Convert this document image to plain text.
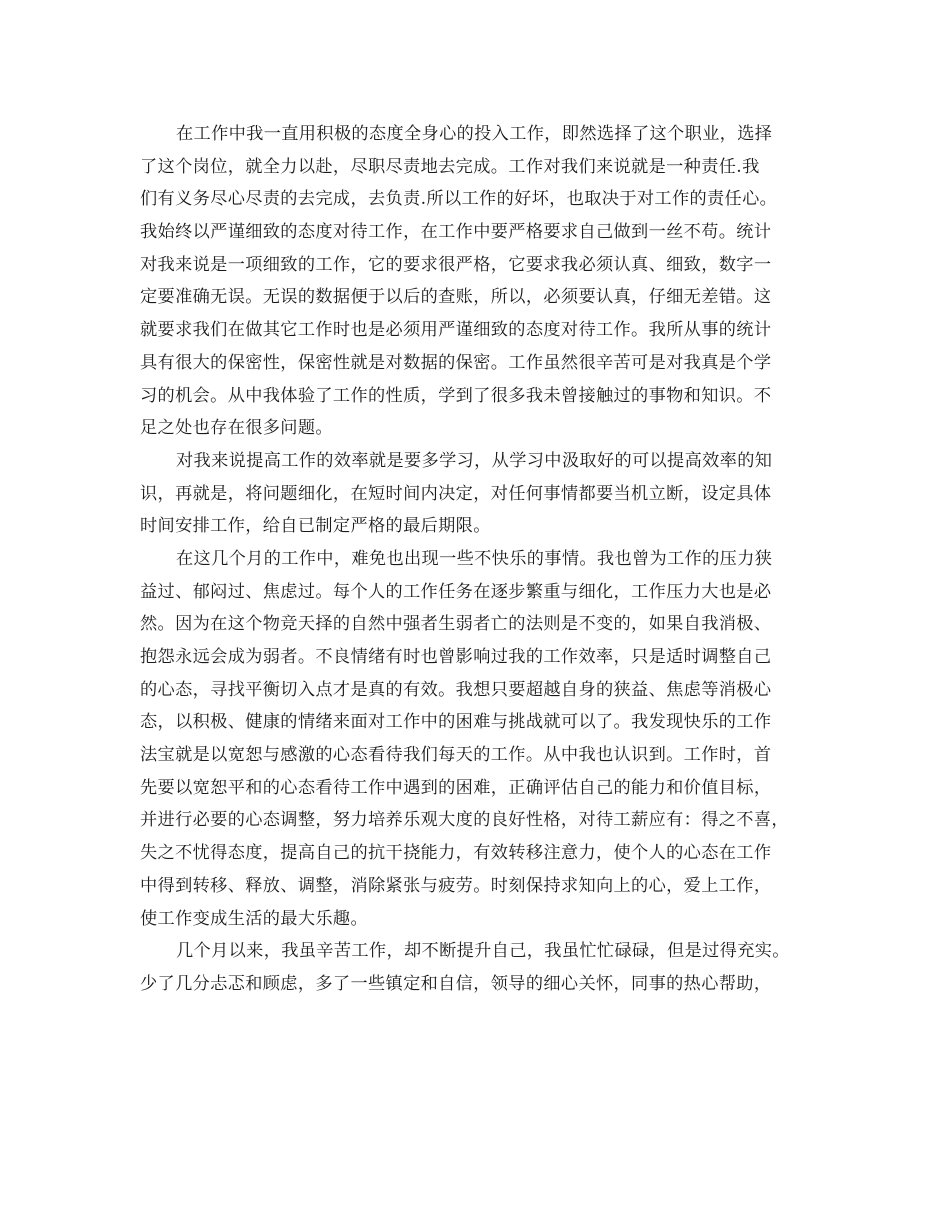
在工作中我一直用积极的态度全身心的投入工作，即然选择了这个职业，选择
了这个岗位，就全力以赴，尽职尽责地去完成。工作对我们来说就是一种责任.我
们有义务尽心尽责的去完成，去负责.所以工作的好坏，也取决于对工作的责任心。
我始终以严谨细致的态度对待工作，在工作中要严格要求自己做到一丝不苟。统计
对我来说是一项细致的工作，它的要求很严格，它要求我必须认真、细致，数字一
定要准确无误。无误的数据便于以后的查账，所以，必须要认真，仔细无差错。这
就要求我们在做其它工作时也是必须用严谨细致的态度对待工作。我所从事的统计
具有很大的保密性，保密性就是对数据的保密。工作虽然很辛苦可是对我真是个学
习的机会。从中我体验了工作的性质，学到了很多我未曾接触过的事物和知识。不
足之处也存在很多问题。
对我来说提高工作的效率就是要多学习，从学习中汲取好的可以提高效率的知
识，再就是，将问题细化，在短时间内决定，对任何事情都要当机立断，设定具体
时间安排工作，给自已制定严格的最后期限。
在这几个月的工作中，难免也出现一些不快乐的事情。我也曾为工作的压力狭
益过、郁闷过、焦虑过。每个人的工作任务在逐步繁重与细化，工作压力大也是必
然。因为在这个物竞天择的自然中强者生弱者亡的法则是不变的，如果自我消极、
抱怨永远会成为弱者。不良情绪有时也曾影响过我的工作效率，只是适时调整自己
的心态，寻找平衡切入点才是真的有效。我想只要超越自身的狭益、焦虑等消极心
态，以积极、健康的情绪来面对工作中的困难与挑战就可以了。我发现快乐的工作
法宝就是以宽恕与感激的心态看待我们每天的工作。从中我也认识到。工作时，首
先要以宽恕平和的心态看待工作中遇到的困难，正确评估自己的能力和价值目标，
并进行必要的心态调整，努力培养乐观大度的良好性格，对待工薪应有：得之不喜，
失之不忧得态度，提高自己的抗干挠能力，有效转移注意力，使个人的心态在工作
中得到转移、释放、调整，消除紧张与疲劳。时刻保持求知向上的心，爱上工作，
使工作变成生活的最大乐趣。
几个月以来，我虽辛苦工作，却不断提升自己，我虽忙忙碌碌，但是过得充实。
少了几分忐忑和顾虑，多了一些镇定和自信，领导的细心关怀，同事的热心帮助，
